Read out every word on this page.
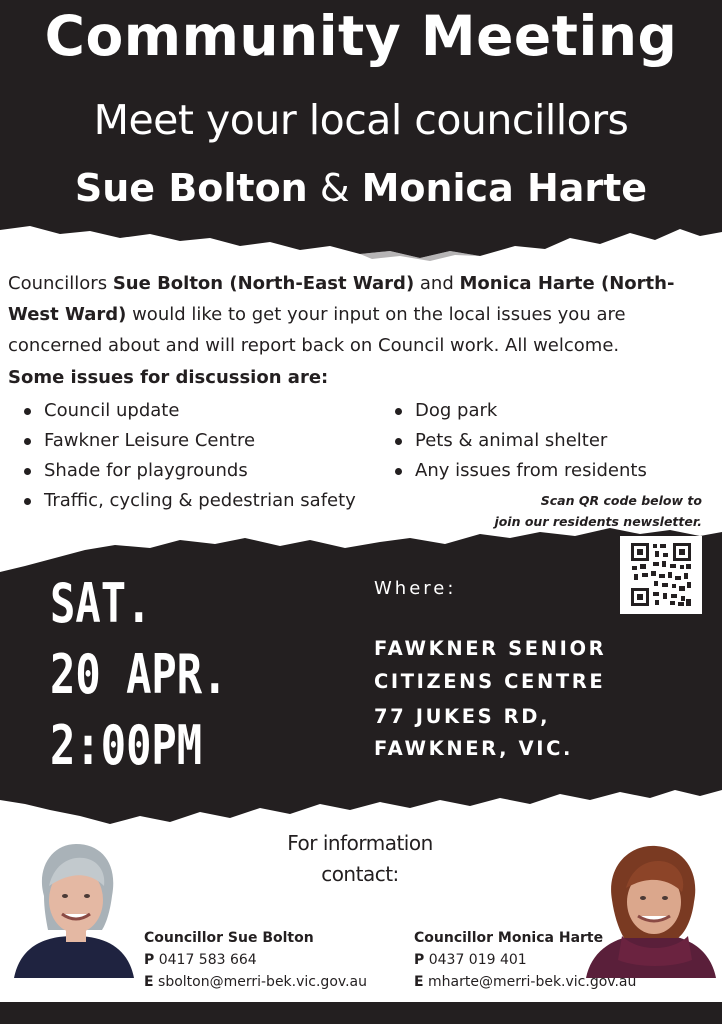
Community Meeting
Meet your local councillors
Sue Bolton & Monica Harte
Councillors Sue Bolton (North-East Ward) and Monica Harte (North-West Ward) would like to get your input on the local issues you are concerned about and will report back on Council work. All welcome.
Some issues for discussion are:
Council update
Fawkner Leisure Centre
Shade for playgrounds
Traffic, cycling & pedestrian safety
Dog park
Pets & animal shelter
Any issues from residents
Scan QR code below to
join our residents newsletter.
SAT.
20 APR.
2:00PM
Where:
FAWKNER SENIOR
CITIZENS CENTRE
77 JUKES RD,
FAWKNER, VIC.
For information
contact:
Councillor Sue Bolton
P 0417 583 664
E sbolton@merri-bek.vic.gov.au
Councillor Monica Harte
P 0437 019 401
E mharte@merri-bek.vic.gov.au
